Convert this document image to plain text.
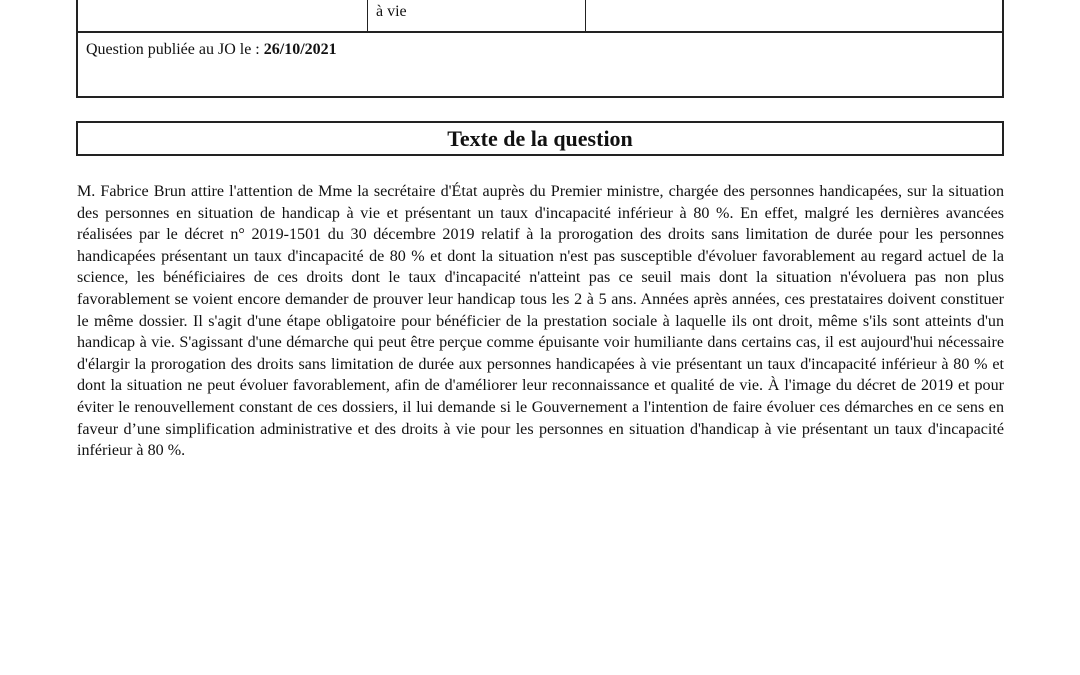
à vie
Question publiée au JO le : 26/10/2021
Texte de la question

M. Fabrice Brun attire l'attention de Mme la secrétaire d'État auprès du Premier ministre, chargée des personnes handicapées, sur la situation des personnes en situation de handicap à vie et présentant un taux d'incapacité inférieur à 80 %. En effet, malgré les dernières avancées réalisées par le décret n° 2019-1501 du 30 décembre 2019 relatif à la prorogation des droits sans limitation de durée pour les personnes handicapées présentant un taux d'incapacité de 80 % et dont la situation n'est pas susceptible d'évoluer favorablement au regard actuel de la science, les bénéficiaires de ces droits dont le taux d'incapacité n'atteint pas ce seuil mais dont la situation n'évoluera pas non plus favorablement se voient encore demander de prouver leur handicap tous les 2 à 5 ans. Années après années, ces prestataires doivent constituer le même dossier. Il s'agit d'une étape obligatoire pour bénéficier de la prestation sociale à laquelle ils ont droit, même s'ils sont atteints d'un handicap à vie. S'agissant d'une démarche qui peut être perçue comme épuisante voir humiliante dans certains cas, il est aujourd'hui nécessaire d'élargir la prorogation des droits sans limitation de durée aux personnes handicapées à vie présentant un taux d'incapacité inférieur à 80 % et dont la situation ne peut évoluer favorablement, afin de d'améliorer leur reconnaissance et qualité de vie. À l'image du décret de 2019 et pour éviter le renouvellement constant de ces dossiers, il lui demande si le Gouvernement a l'intention de faire évoluer ces démarches en ce sens en faveur d’une simplification administrative et des droits à vie pour les personnes en situation d'handicap à vie présentant un taux d'incapacité inférieur à 80 %.
